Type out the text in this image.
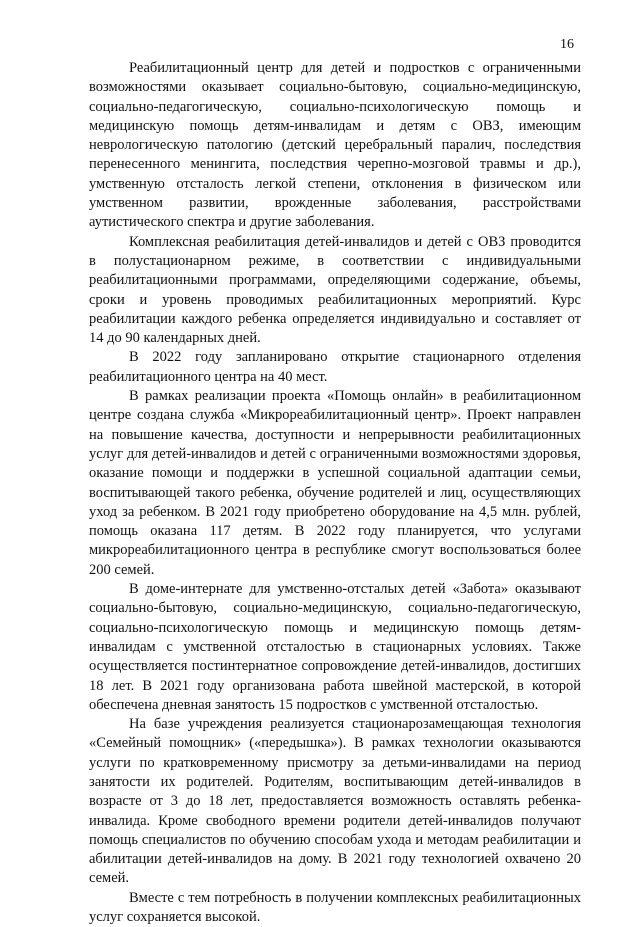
16

Реабилитационный центр для детей и подростков с ограниченными возможностями оказывает социально-бытовую, социально-медицинскую, социально-педагогическую, социально-психологическую помощь и медицинскую помощь детям-инвалидам и детям с ОВЗ, имеющим неврологическую патологию (детский церебральный паралич, последствия перенесенного менингита, последствия черепно-мозговой травмы и др.), умственную отсталость легкой степени, отклонения в физическом или умственном развитии, врожденные заболевания, расстройствами аутистического спектра и другие заболевания.

Комплексная реабилитация детей-инвалидов и детей с ОВЗ проводится в полустационарном режиме, в соответствии с индивидуальными реабилитационными программами, определяющими содержание, объемы, сроки и уровень проводимых реабилитационных мероприятий. Курс реабилитации каждого ребенка определяется индивидуально и составляет от 14 до 90 календарных дней.

В 2022 году запланировано открытие стационарного отделения реабилитационного центра на 40 мест.

В рамках реализации проекта «Помощь онлайн» в реабилитационном центре создана служба «Микрореабилитационный центр». Проект направлен на повышение качества, доступности и непрерывности реабилитационных услуг для детей-инвалидов и детей с ограниченными возможностями здоровья, оказание помощи и поддержки в успешной социальной адаптации семьи, воспитывающей такого ребенка, обучение родителей и лиц, осуществляющих уход за ребенком. В 2021 году приобретено оборудование на 4,5 млн. рублей, помощь оказана 117 детям. В 2022 году планируется, что услугами микрореабилитационного центра в республике смогут воспользоваться более 200 семей.

В доме-интернате для умственно-отсталых детей «Забота» оказывают социально-бытовую, социально-медицинскую, социально-педагогическую, социально-психологическую помощь и медицинскую помощь детям-инвалидам с умственной отсталостью в стационарных условиях. Также осуществляется постинтернатное сопровождение детей-инвалидов, достигших 18 лет. В 2021 году организована работа швейной мастерской, в которой обеспечена дневная занятость 15 подростков с умственной отсталостью.

На базе учреждения реализуется стационарозамещающая технология «Семейный помощник» («передышка»). В рамках технологии оказываются услуги по кратковременному присмотру за детьми-инвалидами на период занятости их родителей. Родителям, воспитывающим детей-инвалидов в возрасте от 3 до 18 лет, предоставляется возможность оставлять ребенка-инвалида. Кроме свободного времени родители детей-инвалидов получают помощь специалистов по обучению способам ухода и методам реабилитации и абилитации детей-инвалидов на дому. В 2021 году технологией охвачено 20 семей.

Вместе с тем потребность в получении комплексных реабилитационных услуг сохраняется высокой.
